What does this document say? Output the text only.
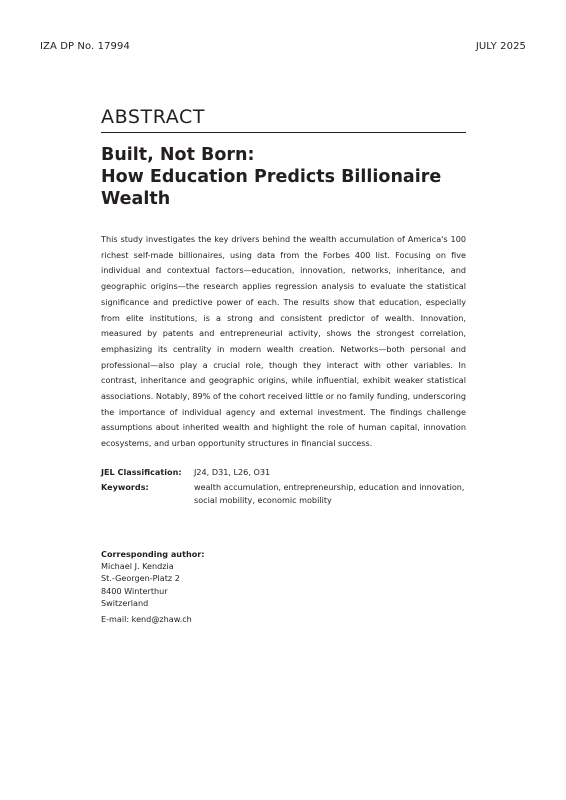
IZA DP No. 17994	JULY 2025
ABSTRACT
Built, Not Born:
How Education Predicts Billionaire Wealth

This study investigates the key drivers behind the wealth accumulation of America's 100 richest self-made billionaires, using data from the Forbes 400 list. Focusing on five individual and contextual factors—education, innovation, networks, inheritance, and geographic origins—the research applies regression analysis to evaluate the statistical significance and predictive power of each. The results show that education, especially from elite institutions, is a strong and consistent predictor of wealth. Innovation, measured by patents and entrepreneurial activity, shows the strongest correlation, emphasizing its centrality in modern wealth creation. Networks—both personal and professional—also play a crucial role, though they interact with other variables. In contrast, inheritance and geographic origins, while influential, exhibit weaker statistical associations. Notably, 89% of the cohort received little or no family funding, underscoring the importance of individual agency and external investment. The findings challenge assumptions about inherited wealth and highlight the role of human capital, innovation ecosystems, and urban opportunity structures in financial success.

JEL Classification:	J24, D31, L26, O31
Keywords:	wealth accumulation, entrepreneurship, education and innovation, social mobility, economic mobility
Corresponding author:
Michael J. Kendzia
St.-Georgen-Platz 2
8400 Winterthur
Switzerland
E-mail: kend@zhaw.ch
